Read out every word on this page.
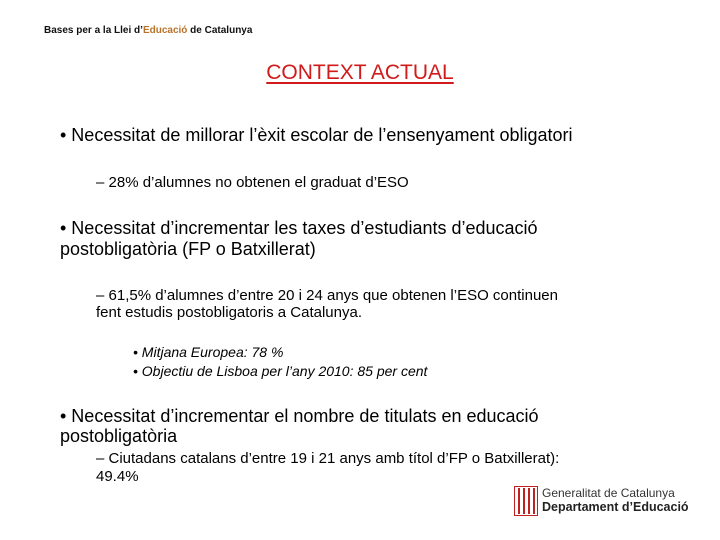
Bases per a la Llei d’Educació de Catalunya
CONTEXT ACTUAL
• Necessitat de millorar l’èxit escolar de l’ensenyament obligatori
– 28% d’alumnes no obtenen el graduat d’ESO
• Necessitat d’incrementar les taxes d’estudiants d’educació
postobligatòria (FP o Batxillerat)
– 61,5% d’alumnes d’entre 20 i 24 anys que obtenen l’ESO continuen
fent estudis postobligatoris a Catalunya.
• Mitjana Europea: 78 %
• Objectiu de Lisboa per l’any 2010: 85 per cent
• Necessitat d’incrementar el nombre de titulats en educació
postobligatòria
– Ciutadans catalans d’entre 19 i 21 anys amb títol d’FP o Batxillerat):
49.4%
Generalitat de Catalunya
Departament d’Educació
